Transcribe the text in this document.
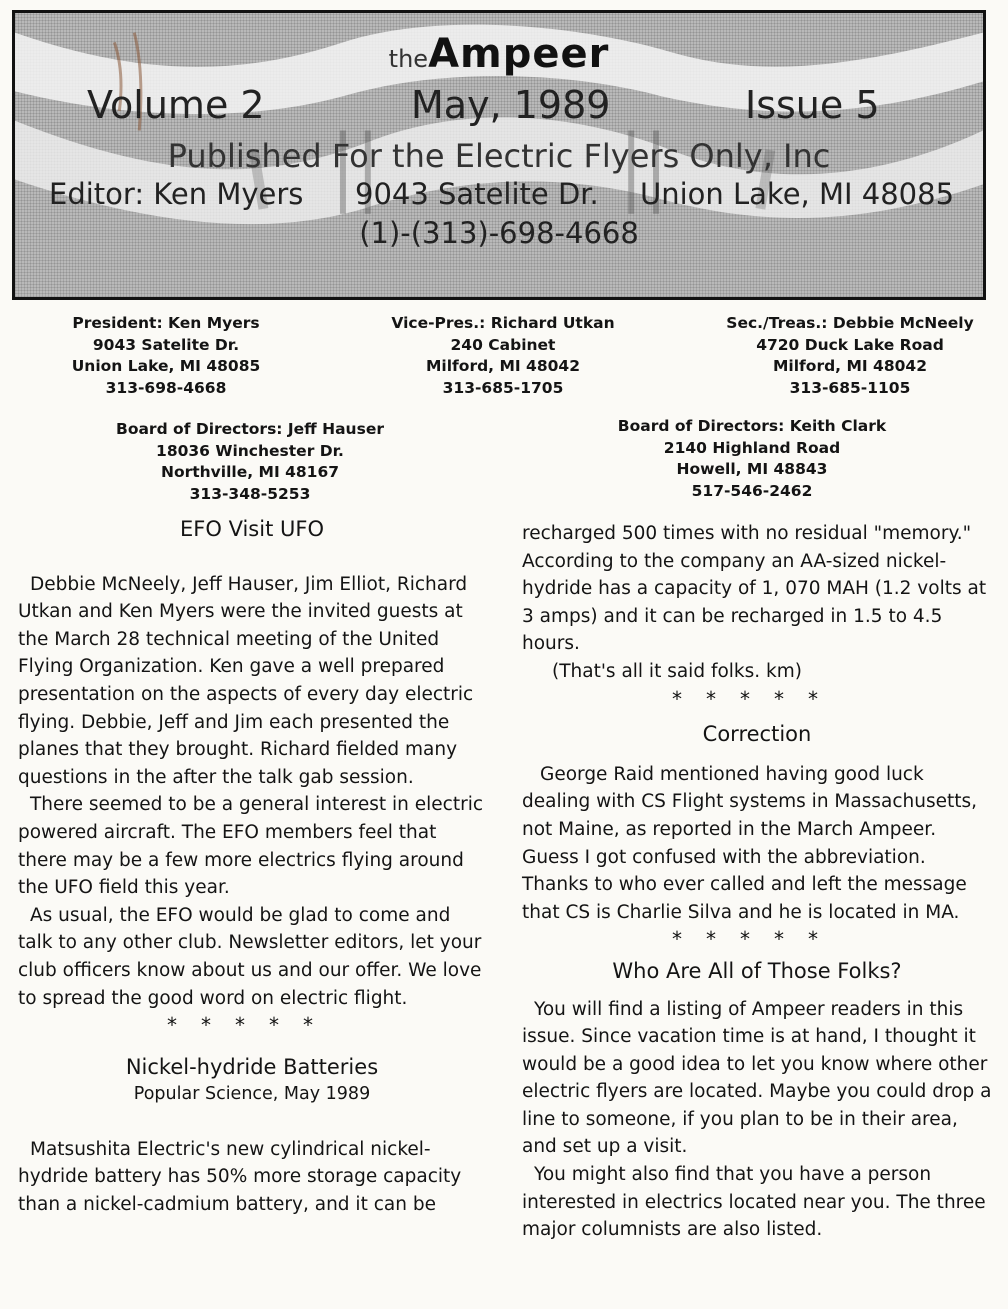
theAmpeer
Volume 2	May, 1989	Issue 5
Published For the Electric Flyers Only, Inc
Editor: Ken Myers 9043 Satelite Dr. Union Lake, MI 48085
(1)-(313)-698-4668
President: Ken Myers
9043 Satelite Dr.
Union Lake, MI 48085
313-698-4668
Vice-Pres.: Richard Utkan
240 Cabinet
Milford, MI 48042
313-685-1705
Sec./Treas.: Debbie McNeely
4720 Duck Lake Road
Milford, MI 48042
313-685-1105
Board of Directors: Jeff Hauser
18036 Winchester Dr.
Northville, MI 48167
313-348-5253
Board of Directors: Keith Clark
2140 Highland Road
Howell, MI 48843
517-546-2462

EFO Visit UFO

Debbie McNeely, Jeff Hauser, Jim Elliot, Richard Utkan and Ken Myers were the invited guests at the March 28 technical meeting of the United Flying Organization. Ken gave a well prepared presentation on the aspects of every day electric flying. Debbie, Jeff and Jim each presented the planes that they brought. Richard fielded many questions in the after the talk gab session.

There seemed to be a general interest in electric powered aircraft. The EFO members feel that there may be a few more electrics flying around the UFO field this year.

As usual, the EFO would be glad to come and talk to any other club. Newsletter editors, let your club officers know about us and our offer. We love to spread the good word on electric flight.

*****

Nickel-hydride Batteries

Popular Science, May 1989

Matsushita Electric's new cylindrical nickel-hydride battery has 50% more storage capacity than a nickel-cadmium battery, and it can be

recharged 500 times with no residual "memory." According to the company an AA-sized nickel-hydride has a capacity of 1, 070 MAH (1.2 volts at 3 amps) and it can be recharged in 1.5 to 4.5 hours.

(That's all it said folks. km)

*****

Correction

George Raid mentioned having good luck dealing with CS Flight systems in Massachusetts, not Maine, as reported in the March Ampeer. Guess I got confused with the abbreviation. Thanks to who ever called and left the message that CS is Charlie Silva and he is located in MA.

*****

Who Are All of Those Folks?

You will find a listing of Ampeer readers in this issue. Since vacation time is at hand, I thought it would be a good idea to let you know where other electric flyers are located. Maybe you could drop a line to someone, if you plan to be in their area, and set up a visit.

You might also find that you have a person interested in electrics located near you. The three major columnists are also listed.
